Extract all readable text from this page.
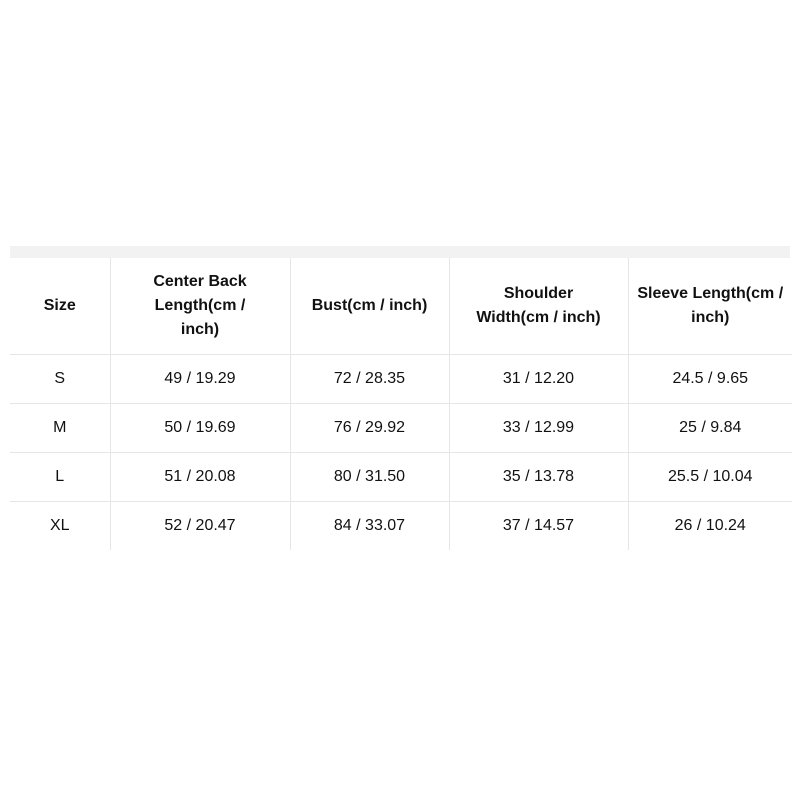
Size	Center Back Length(cm / inch)	Bust(cm / inch)	Shoulder Width(cm / inch)	Sleeve Length(cm / inch)
S	49 / 19.29	72 / 28.35	31 / 12.20	24.5 / 9.65
M	50 / 19.69	76 / 29.92	33 / 12.99	25 / 9.84
L	51 / 20.08	80 / 31.50	35 / 13.78	25.5 / 10.04
XL	52 / 20.47	84 / 33.07	37 / 14.57	26 / 10.24
